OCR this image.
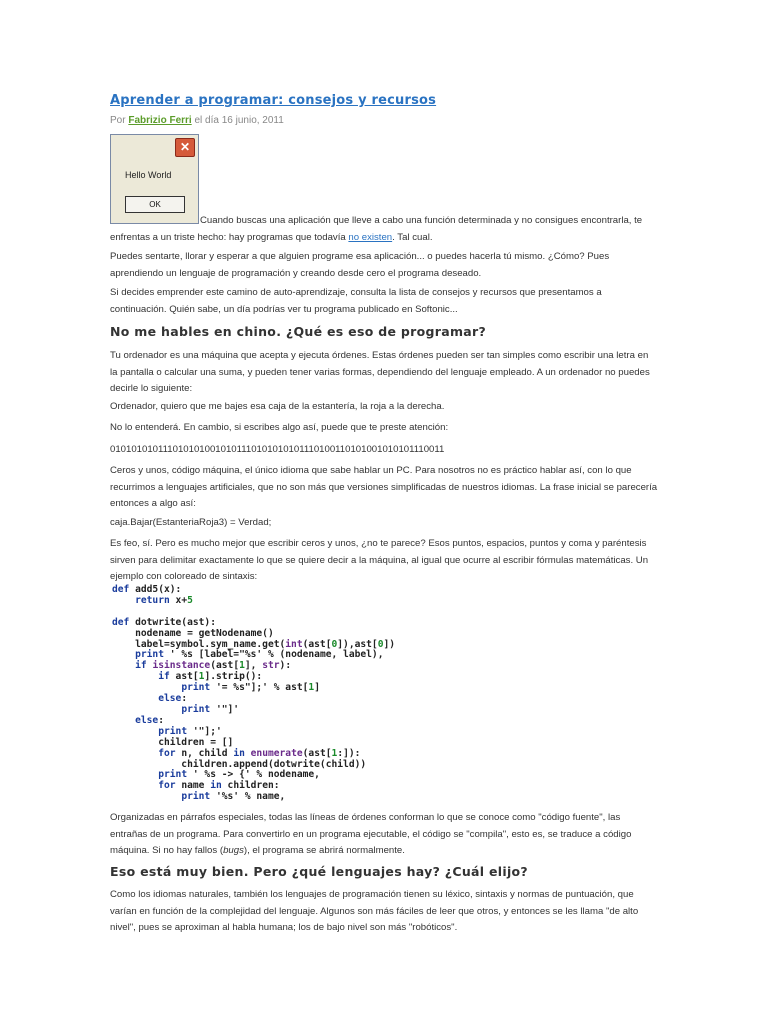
Aprender a programar: consejos y recursos
Por Fabrizio Ferri el día 16 junio, 2011
✕
Hello World
OK

Cuando buscas una aplicación que lleve a cabo una función determinada y no consigues encontrarla, te enfrentas a un triste hecho: hay programas que todavía no existen. Tal cual.

Puedes sentarte, llorar y esperar a que alguien programe esa aplicación... o puedes hacerla tú mismo. ¿Cómo? Pues aprendiendo un lenguaje de programación y creando desde cero el programa deseado.

Si decides emprender este camino de auto-aprendizaje, consulta la lista de consejos y recursos que presentamos a continuación. Quién sabe, un día podrías ver tu programa publicado en Softonic...

No me hables en chino. ¿Qué es eso de programar?

Tu ordenador es una máquina que acepta y ejecuta órdenes. Estas órdenes pueden ser tan simples como escribir una letra en la pantalla o calcular una suma, y pueden tener varias formas, dependiendo del lenguaje empleado. A un ordenador no puedes decirle lo siguiente:

Ordenador, quiero que me bajes esa caja de la estantería, la roja a la derecha.

No lo entenderá. En cambio, si escribes algo así, puede que te preste atención:

0101010101110101010010101110101010101110100110101001010101110011

Ceros y unos, código máquina, el único idioma que sabe hablar un PC. Para nosotros no es práctico hablar así, con lo que recurrimos a lenguajes artificiales, que no son más que versiones simplificadas de nuestros idiomas. La frase inicial se parecería entonces a algo así:

caja.Bajar(EstanteriaRoja3) = Verdad;

Es feo, sí. Pero es mucho mejor que escribir ceros y unos, ¿no te parece? Esos puntos, espacios, puntos y coma y paréntesis sirven para delimitar exactamente lo que se quiere decir a la máquina, al igual que ocurre al escribir fórmulas matemáticas. Un ejemplo con coloreado de sintaxis:

def add5(x):
return x+5

def dotwrite(ast):
nodename = getNodename()
label=symbol.sym_name.get(int(ast[0]),ast[0])
print ' %s [label="%s' % (nodename, label),
if isinstance(ast[1], str):
if ast[1].strip():
print '= %s"];' % ast[1]
else:
print '"]'
else:
print '"];'
children = []
for n, child in enumerate(ast[1:]):
children.append(dotwrite(child))
print ' %s -> {' % nodename,
for name in children:
print '%s' % name,

Organizadas en párrafos especiales, todas las líneas de órdenes conforman lo que se conoce como "código fuente", las entrañas de un programa. Para convertirlo en un programa ejecutable, el código se "compila", esto es, se traduce a código máquina. Si no hay fallos (bugs), el programa se abrirá normalmente.

Eso está muy bien. Pero ¿qué lenguajes hay? ¿Cuál elijo?

Como los idiomas naturales, también los lenguajes de programación tienen su léxico, sintaxis y normas de puntuación, que varían en función de la complejidad del lenguaje. Algunos son más fáciles de leer que otros, y entonces se les llama "de alto nivel", pues se aproximan al habla humana; los de bajo nivel son más "robóticos".
